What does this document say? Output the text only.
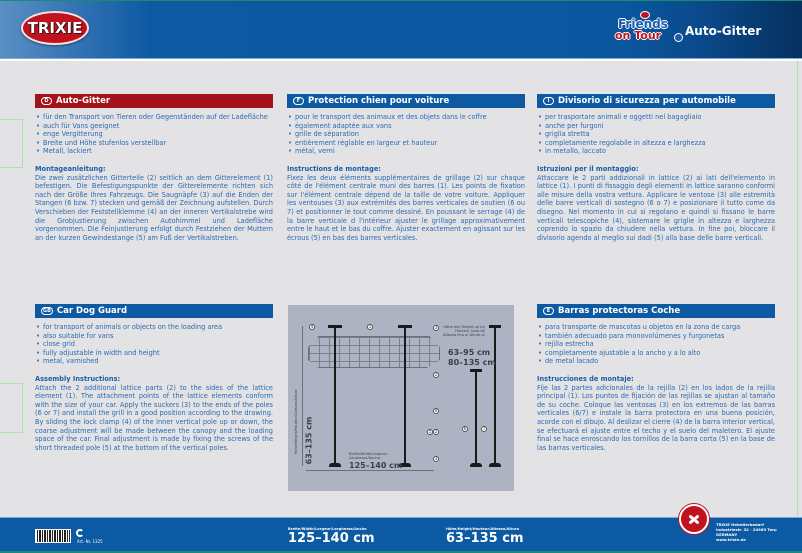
TRIXIE	Friends
on Tour Auto-Gitter
D Auto-Gitter
• für den Transport von Tieren oder Gegenständen auf der Ladefläche
• auch für Vans geeignet
• enge Vergitterung
• Breite und Höhe stufenlos verstellbar
• Metall, lackiert
Montageanleitung:
Die zwei zusätzlichen Gitterteile (2) seitlich an dem Gitterelement (1) befestigen. Die Befestigungspunkte der Gitterelemente richten sich nach der Größe Ihres Fahrzeugs. Die Saugnäpfe (3) auf die Enden der Stangen (6 bzw. 7) stecken und gemäß der Zeichnung aufstellen. Durch Verschieben der Feststellklemme (4) an der inneren Vertikalstrebe wird die Grobjustierung zwischen Autohimmel und Ladefläche vorgenommen. Die Feinjustierung erfolgt durch Festziehen der Muttern an der kurzen Gewindestange (5) am Fuß der Vertikalstreben.
F Protection chien pour voiture
• pour le transport des animaux et des objets dans le coffre
• également adaptée aux vans
• grille de séparation
• entièrement réglable en largeur et hauteur
• métal, verni
Instructions de montage:
Fixez les deux éléments supplémentaires de grillage (2) sur chaque côté de l'élément centrale muni des barres (1). Les points de fixation sur l'élément centrale dépend de la taille de votre voiture. Appliquer les ventouses (3) aux extrémités des barres verticales de soutien (6 ou 7) et positionner le tout comme dessiné. En poussant le serrage (4) de la barre verticale d l'intérieur ajuster le grillage approximativement entre le haut et le bas du coffre. Ajuster exactement en agissant sur les écrous (5) en bas des barres verticales.
I	Divisorio di sicurezza per automobile
• per trasportare animali e oggetti nel bagagliaio
• anche per furgoni
• griglia stretta
• completamente regolabile in altezza e larghezza
• in metallo, laccato
Istruzioni per il montaggio:
Attaccare le 2 parti addizionali in lattice (2) ai lati dell'elemento in lattice (1). I punti di fissaggio degli elementi in lattice saranno conformi alle misure della vostra vettura. Applicare le ventose (3) alle estremità delle barre verticali di sostegno (6 o 7) e posizionare il tutto come da disegno. Nel momento in cui si regolano e quindi si fissano le barre verticali telescopiche (4), sistemare le griglie in altezza e larghezza coprendo lo spazio da chiudere nella vettura. In fine poi, bloccare il divisorio agendo al meglio sui dadi (5) alla base delle barre verticali.
GB Car Dog Guard
• for transport of animals or objects on the loading area
• also suitable for vans
• close grid
• fully adjustable in width and height
• metal, varnished
Assembly Instructions:
Attach the 2 additional lattice parts (2) to the sides of the lattice element (1). The attachment points of the lattice elements conform with the size of your car. Apply the suckers (3) to the ends of the poles (6 or 7) and install the grill in a good position according to the drawing. By sliding the lock clamp (4) of the inner vertical pole up or down, the coarse adjustment will be made between the canopy and the loading space of the car. Final adjustment is made by fixing the screws of the short threaded pole (5) at the bottom of the vertical poles.
E Barras protectoras Coche
• para transporte de mascotas u objetos en la zona de carga
• también adecuado para monovolúmenes y furgonetas
• rejilla estrecha
• completamente ajustable a lo ancho y a lo alto
• de metal lacado
Instrucciones de montaje:
Fije las 2 partes adicionales de la rejilla (2) en los lados de la rejilla principal (1). Los puntos de fijación de las rejillas se ajustan al tamaño de su coche. Coloque las ventosas (3) en los extremos de las barras verticales (6/7) e instale la barra protectora en una buena posición, acorde con el dibujo. Al deslizar el cierre (4) de la barra interior vertical, se efectuará el ajuste entre el techo y el suelo del maletero. El ajuste final se hace enroscando los tornillos de la barra corta (5) en la base de las barras verticales.
4	1	3
2
4
5 2
3
6	7
Höhe bis/ Height up to/ Hauteur jusqu'à/ Altezza fino a/ Altura a:
63–95 cm
80–135 cm
Höhe/Height/Hauteur/Altezza/Altura 63–135 cm	Breite/Width/Largeur/ Larghezza/Ancho:
125–140 cm
Art.-Nr. 1325
Breite/Width/Largeur/Larghezza/Ancho
125–140 cm
Höhe/Height/Hauteur/Altezza/Altura
63–135 cm
TRIXIE Heimtierbedarf
Industriestr. 32 · 24963 Tarp
GERMANY
www.trixie.de
